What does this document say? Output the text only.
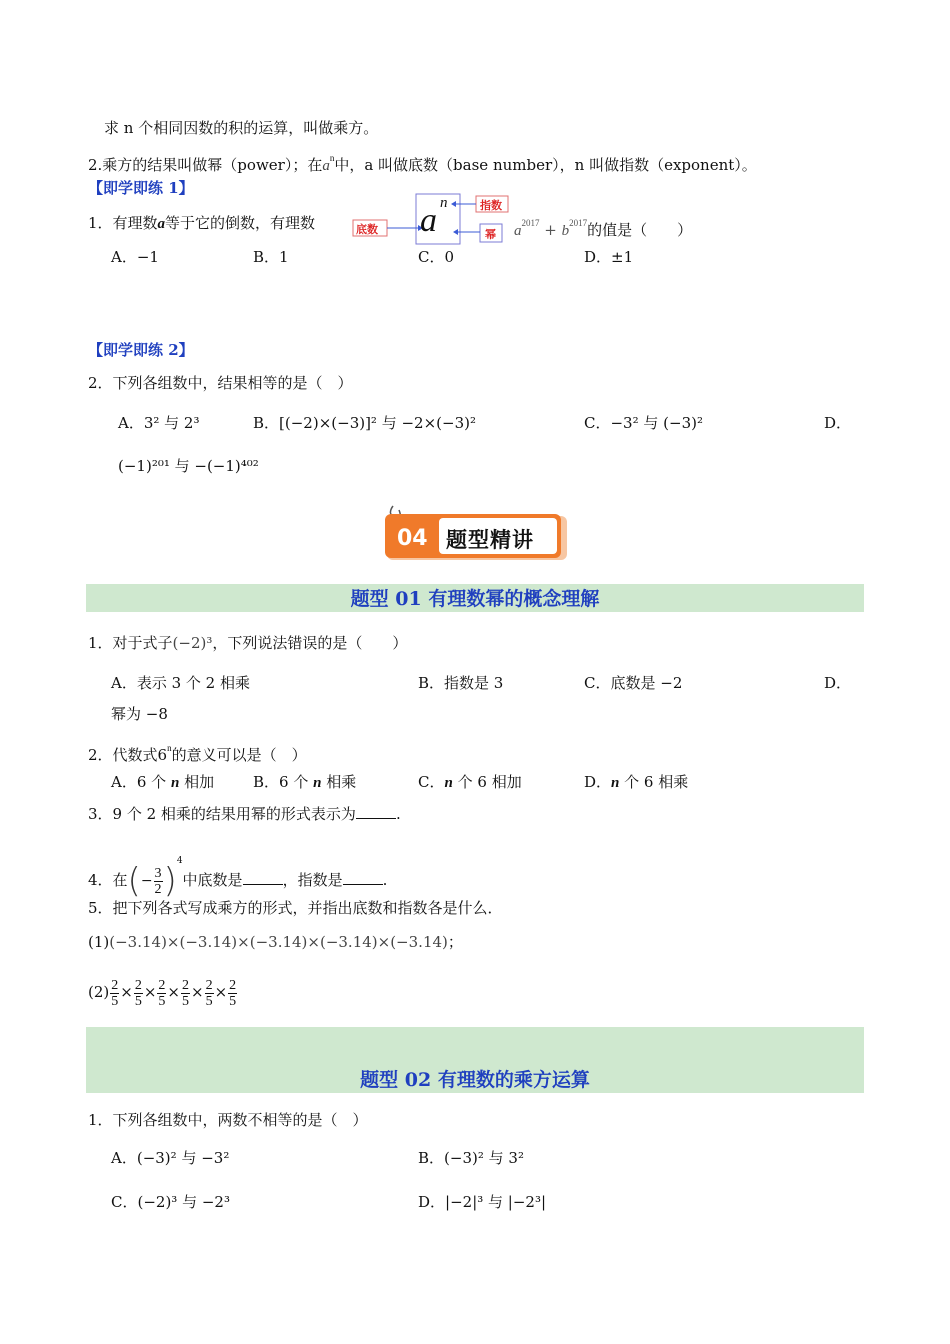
求 n 个相同因数的积的运算，叫做乘方。
2.乘方的结果叫做幂（power）；在$a^n$中，a 叫做底数（base number），n 叫做指数（exponent）。
【即学即练 1】
1．有理数a等于它的倒数，有理数	底数
指数
幂
a n
$a^{2017} + b^{2017}$的值是（　　）
A．−1	B．1	C．0	D．±1
【即学即练 2】
2．下列各组数中，结果相等的是（　）
A．3² 与 2³	B．[(−2)×(−3)]² 与 −2×(−3)²	C．−3² 与 (−3)²	D．
(−1)²⁰¹ 与 −(−1)⁴⁰²
04 题型精讲
题型 01 有理数幂的概念理解
1．对于式子(−2)³，下列说法错误的是（　　）
A．表示 3 个 2 相乘	B．指数是 3	C．底数是 −2	D．
幂为 −8
2．代数式6$^n$的意义可以是（　）
A．6 个 n 相加	B．6 个 n 相乘	C．n 个 6 相加	D．n 个 6 相乘
3．9 个 2 相乘的结果用幂的形式表示为	.
4．在(− $\frac{3}{2} )^4$中底数是	，指数是	.
5．把下列各式写成乘方的形式，并指出底数和指数各是什么．
(1)(−3.14)×(−3.14)×(−3.14)×(−3.14)×(−3.14)；
$(2) \frac{2}{5} \times \frac{2}{5} \times \frac{2}{5} \times \frac{2}{5} \times \frac{2}{5} \times \frac{2}{5}$
题型 02 有理数的乘方运算
1．下列各组数中，两数不相等的是（　）
A．(−3)² 与 −3²	B．(−3)² 与 3²
C．(−2)³ 与 −2³	D．|−2|³ 与 |−2³|
